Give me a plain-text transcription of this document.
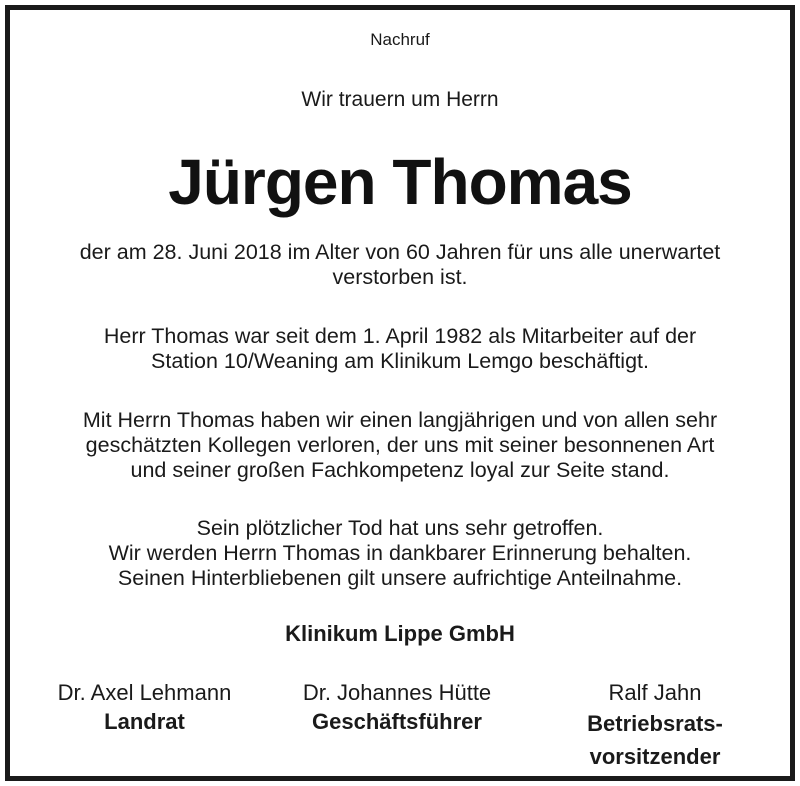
Nachruf
Wir trauern um Herrn
Jürgen Thomas
der am 28. Juni 2018 im Alter von 60 Jahren für uns alle unerwartet
verstorben ist.
Herr Thomas war seit dem 1. April 1982 als Mitarbeiter auf der
Station 10/Weaning am Klinikum Lemgo beschäftigt.
Mit Herrn Thomas haben wir einen langjährigen und von allen sehr
geschätzten Kollegen verloren, der uns mit seiner besonnenen Art
und seiner großen Fachkompetenz loyal zur Seite stand.
Sein plötzlicher Tod hat uns sehr getroffen.
Wir werden Herrn Thomas in dankbarer Erinnerung behalten.
Seinen Hinterbliebenen gilt unsere aufrichtige Anteilnahme.
Klinikum Lippe GmbH
Dr. Axel Lehmann
Landrat
Dr. Johannes Hütte
Geschäftsführer
Ralf Jahn
Betriebsrats-
vorsitzender
